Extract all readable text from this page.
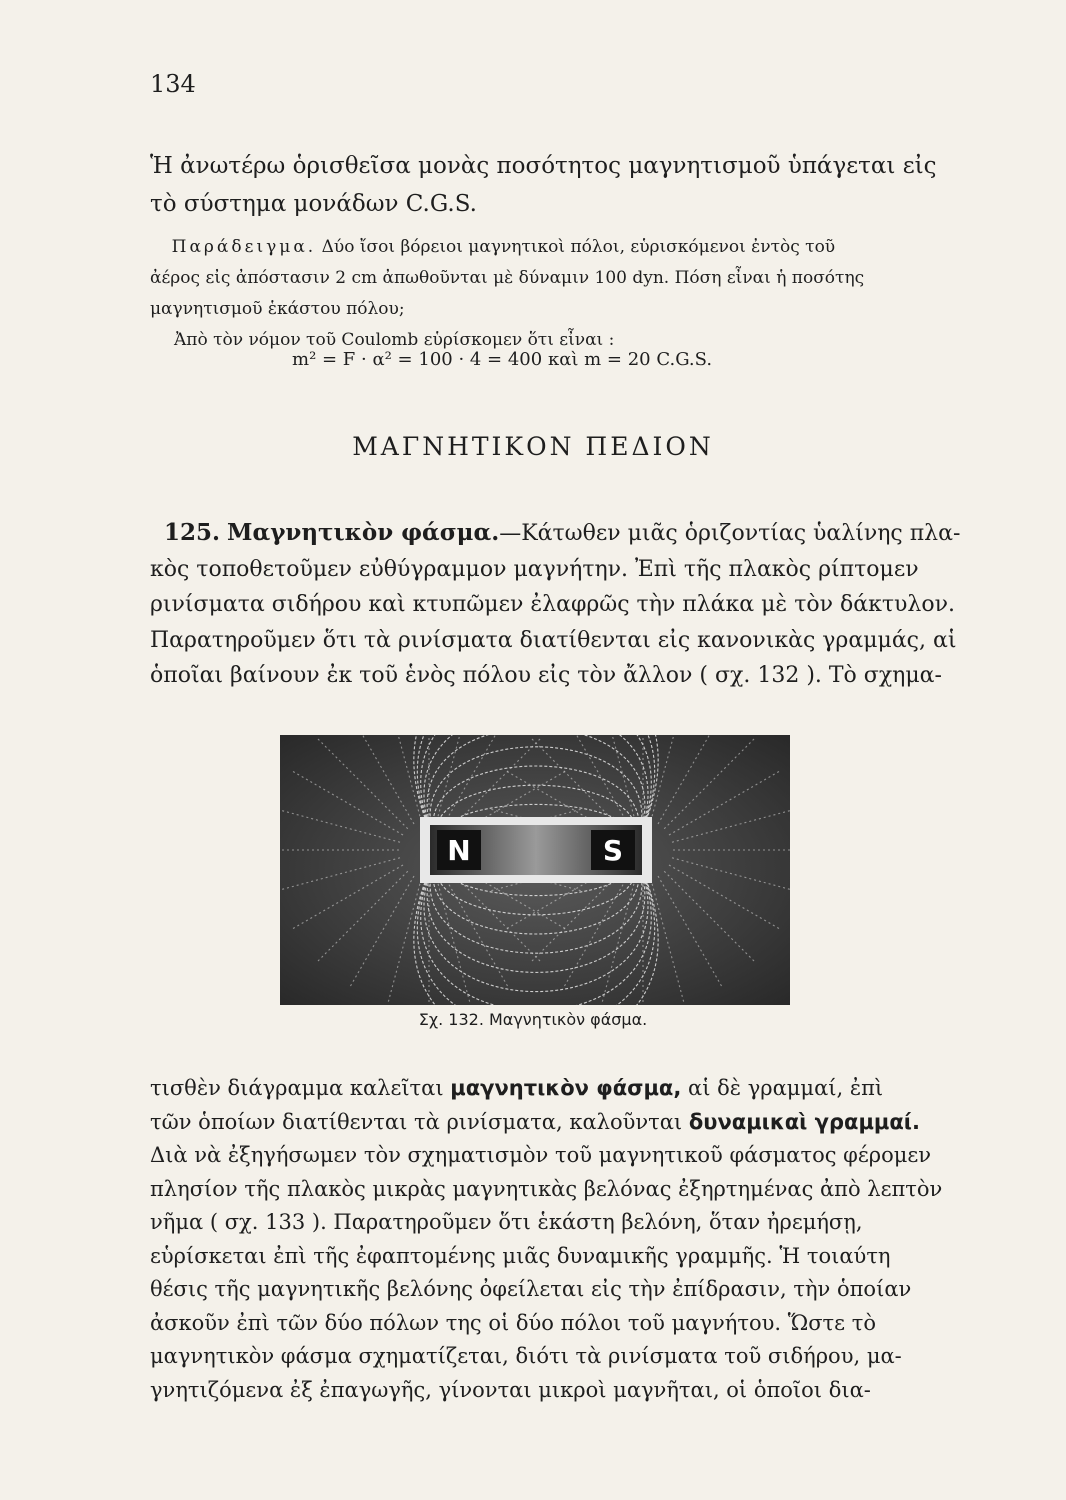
134
Ἡ ἀνωτέρω ὁρισθεῖσα μονὰς ποσότητος μαγνητισμοῦ ὑπάγεται εἰς
τὸ σύστημα μονάδων C.G.S.
Παράδειγμα. Δύο ἴσοι βόρειοι μαγνητικοὶ πόλοι, εὑρισκόμενοι ἐντὸς τοῦ
ἀέρος εἰς ἀπόστασιν 2 cm ἀπωθοῦνται μὲ δύναμιν 100 dyn. Πόση εἶναι ἡ ποσότης
μαγνητισμοῦ ἑκάστου πόλου;
Ἀπὸ τὸν νόμον τοῦ Coulomb εὑρίσκομεν ὅτι εἶναι :
m² = F · α² = 100 · 4 = 400 καὶ m = 20 C.G.S.
ΜΑΓΝΗΤΙΚΟΝ ΠΕΔΙΟΝ
125. Μαγνητικὸν φάσμα.—Κάτωθεν μιᾶς ὁριζοντίας ὑαλίνης πλα-
κὸς τοποθετοῦμεν εὐθύγραμμον μαγνήτην. Ἐπὶ τῆς πλακὸς ρίπτομεν
ρινίσματα σιδήρου καὶ κτυπῶμεν ἐλαφρῶς τὴν πλάκα μὲ τὸν δάκτυλον.
Παρατηροῦμεν ὅτι τὰ ρινίσματα διατίθενται εἰς κανονικὰς γραμμάς, αἱ
ὁποῖαι βαίνουν ἐκ τοῦ ἑνὸς πόλου εἰς τὸν ἄλλον ( σχ. 132 ). Τὸ σχημα-
N	S
Σχ. 132. Μαγνητικὸν φάσμα.
τισθὲν διάγραμμα καλεῖται μαγνητικὸν φάσμα, αἱ δὲ γραμμαί, ἐπὶ
τῶν ὁποίων διατίθενται τὰ ρινίσματα, καλοῦνται δυναμικαὶ γραμμαί.
Διὰ νὰ ἐξηγήσωμεν τὸν σχηματισμὸν τοῦ μαγνητικοῦ φάσματος φέρομεν
πλησίον τῆς πλακὸς μικρὰς μαγνητικὰς βελόνας ἐξηρτημένας ἀπὸ λεπτὸν
νῆμα ( σχ. 133 ). Παρατηροῦμεν ὅτι ἑκάστη βελόνη, ὅταν ἠρεμήσῃ,
εὑρίσκεται ἐπὶ τῆς ἐφαπτομένης μιᾶς δυναμικῆς γραμμῆς. Ἡ τοιαύτη
θέσις τῆς μαγνητικῆς βελόνης ὀφείλεται εἰς τὴν ἐπίδρασιν, τὴν ὁποίαν
ἀσκοῦν ἐπὶ τῶν δύο πόλων της οἱ δύο πόλοι τοῦ μαγνήτου. Ὥστε τὸ
μαγνητικὸν φάσμα σχηματίζεται, διότι τὰ ρινίσματα τοῦ σιδήρου, μα-
γνητιζόμενα ἐξ ἐπαγωγῆς, γίνονται μικροὶ μαγνῆται, οἱ ὁποῖοι δια-
